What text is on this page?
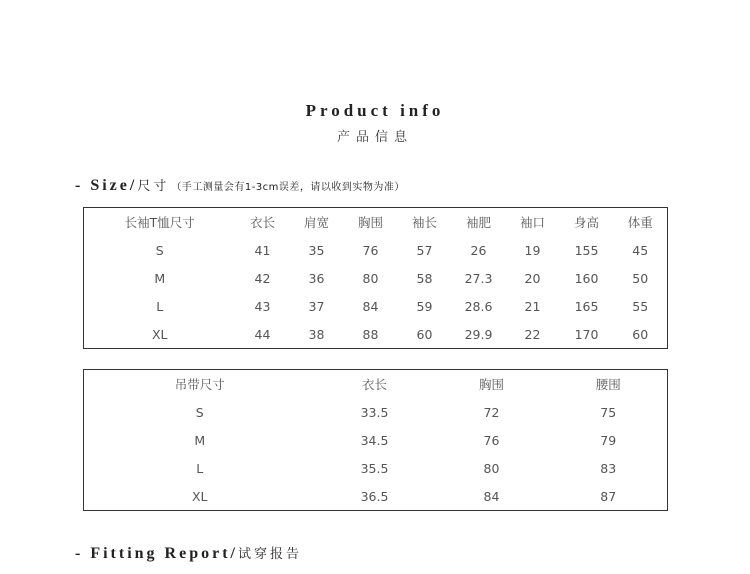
Product info
产品信息
- Size/尺寸 （手工测量会有1-3cm误差，请以收到实物为准）
长袖T恤尺寸	衣长	肩宽	胸围	袖长	袖肥	袖口	身高	体重
S	41	35	76	57	26	19	155	45
M	42	36	80	58	27.3	20	160	50
L	43	37	84	59	28.6	21	165	55
XL	44	38	88	60	29.9	22	170	60
吊带尺寸	衣长	胸围	腰围
S	33.5	72	75
M	34.5	76	79
L	35.5	80	83
XL	36.5	84	87
- Fitting Report/试穿报告
